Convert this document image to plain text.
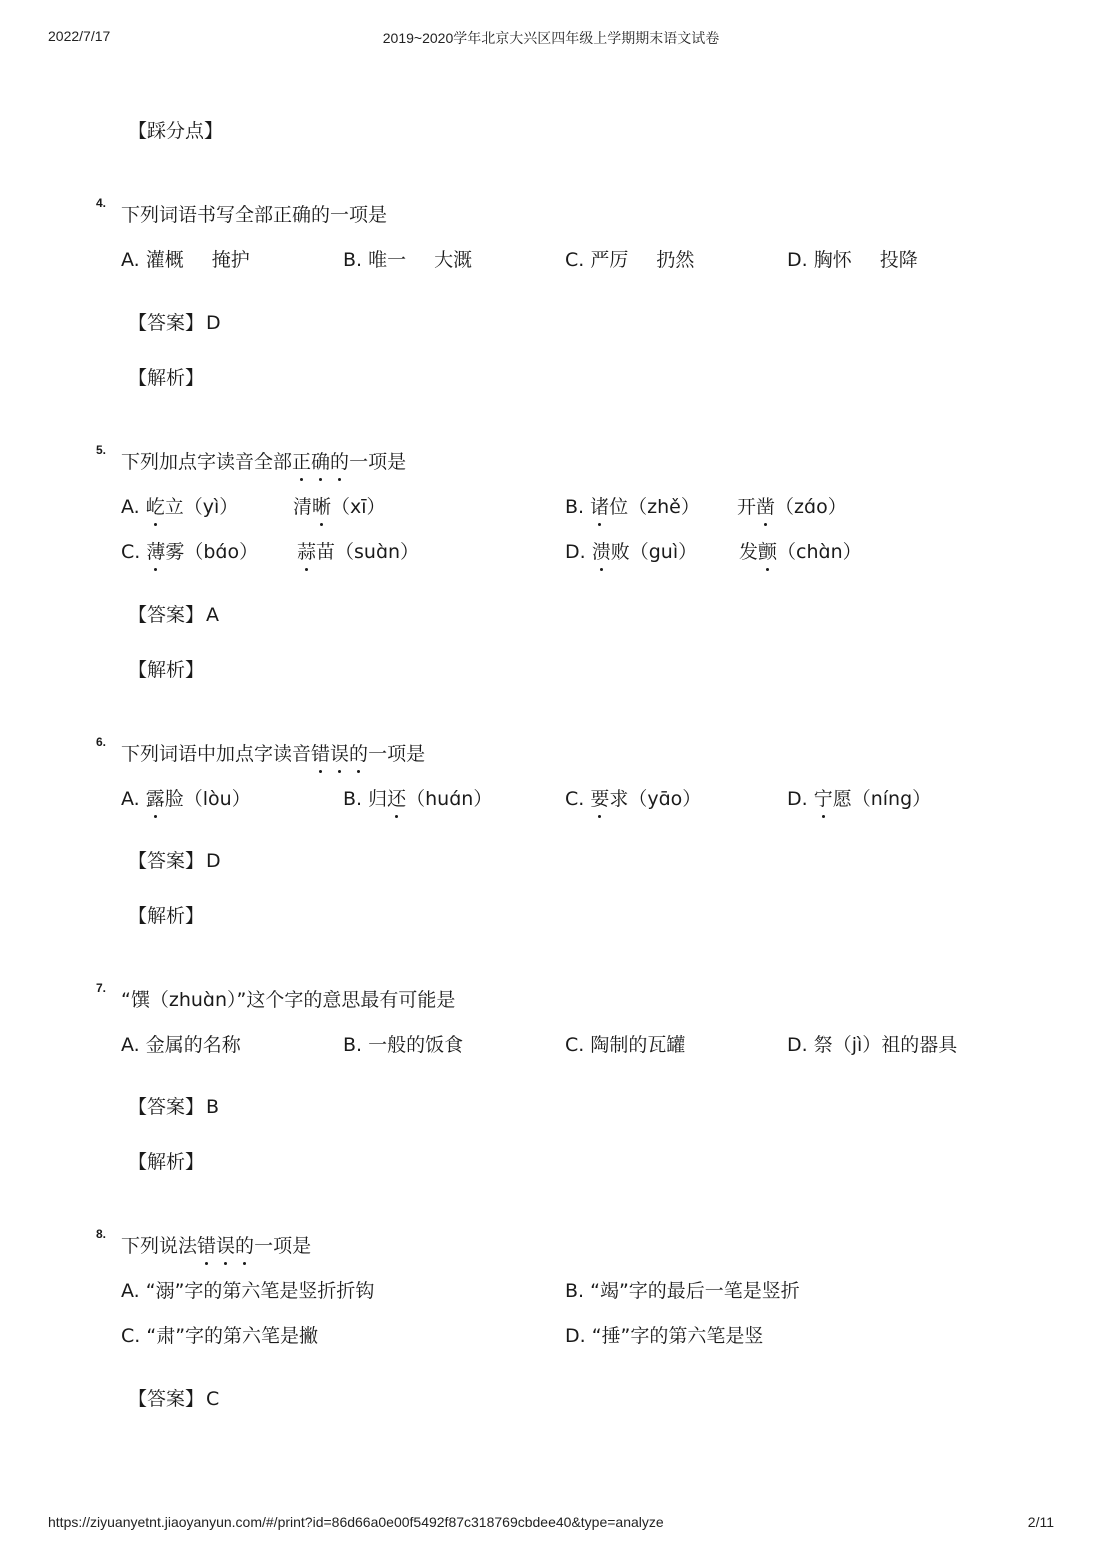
2022/7/17	2019~2020学年北京大兴区四年级上学期期末语文试卷
【踩分点】
4.
下列词语书写全部正确的一项是
A. 灌概 掩护	B. 唯一 大溉	C. 严厉 扔然	D. 胸怀 投降
【答案】 D
【解析】
5.
下列加点字读音全部正确的一项是
A. 屹立（yì）	清晰（xī）	B. 诸位（zhě） 开凿（zɑ́o）
C. 薄雾（bɑ́o） 蒜苗（suɑ̀n）	D. 溃败（guì） 发颤（chɑ̀n）
【答案】 A
【解析】
6.
下列词语中加点字读音错误的一项是
A. 露脸（lòu）	B. 归还（huɑ́n）	C. 要求（yɑ̄o）	D. 宁愿（níng）
【答案】 D
【解析】
7.
“馔（zhuɑ̀n）”这个字的意思最有可能是
A. 金属的名称	B. 一般的饭食	C. 陶制的瓦罐	D. 祭（jì）祖的器具
【答案】 B
【解析】
8.
下列说法错误的一项是
A. “溺”字的第六笔是竖折折钩	B. “竭”字的最后一笔是竖折
C. “肃”字的第六笔是撇	D. “捶”字的第六笔是竖
【答案】 C
https://ziyuanyetnt.jiaoyanyun.com/#/print?id=86d66a0e00f5492f87c318769cbdee40&type=analyze	2/11
